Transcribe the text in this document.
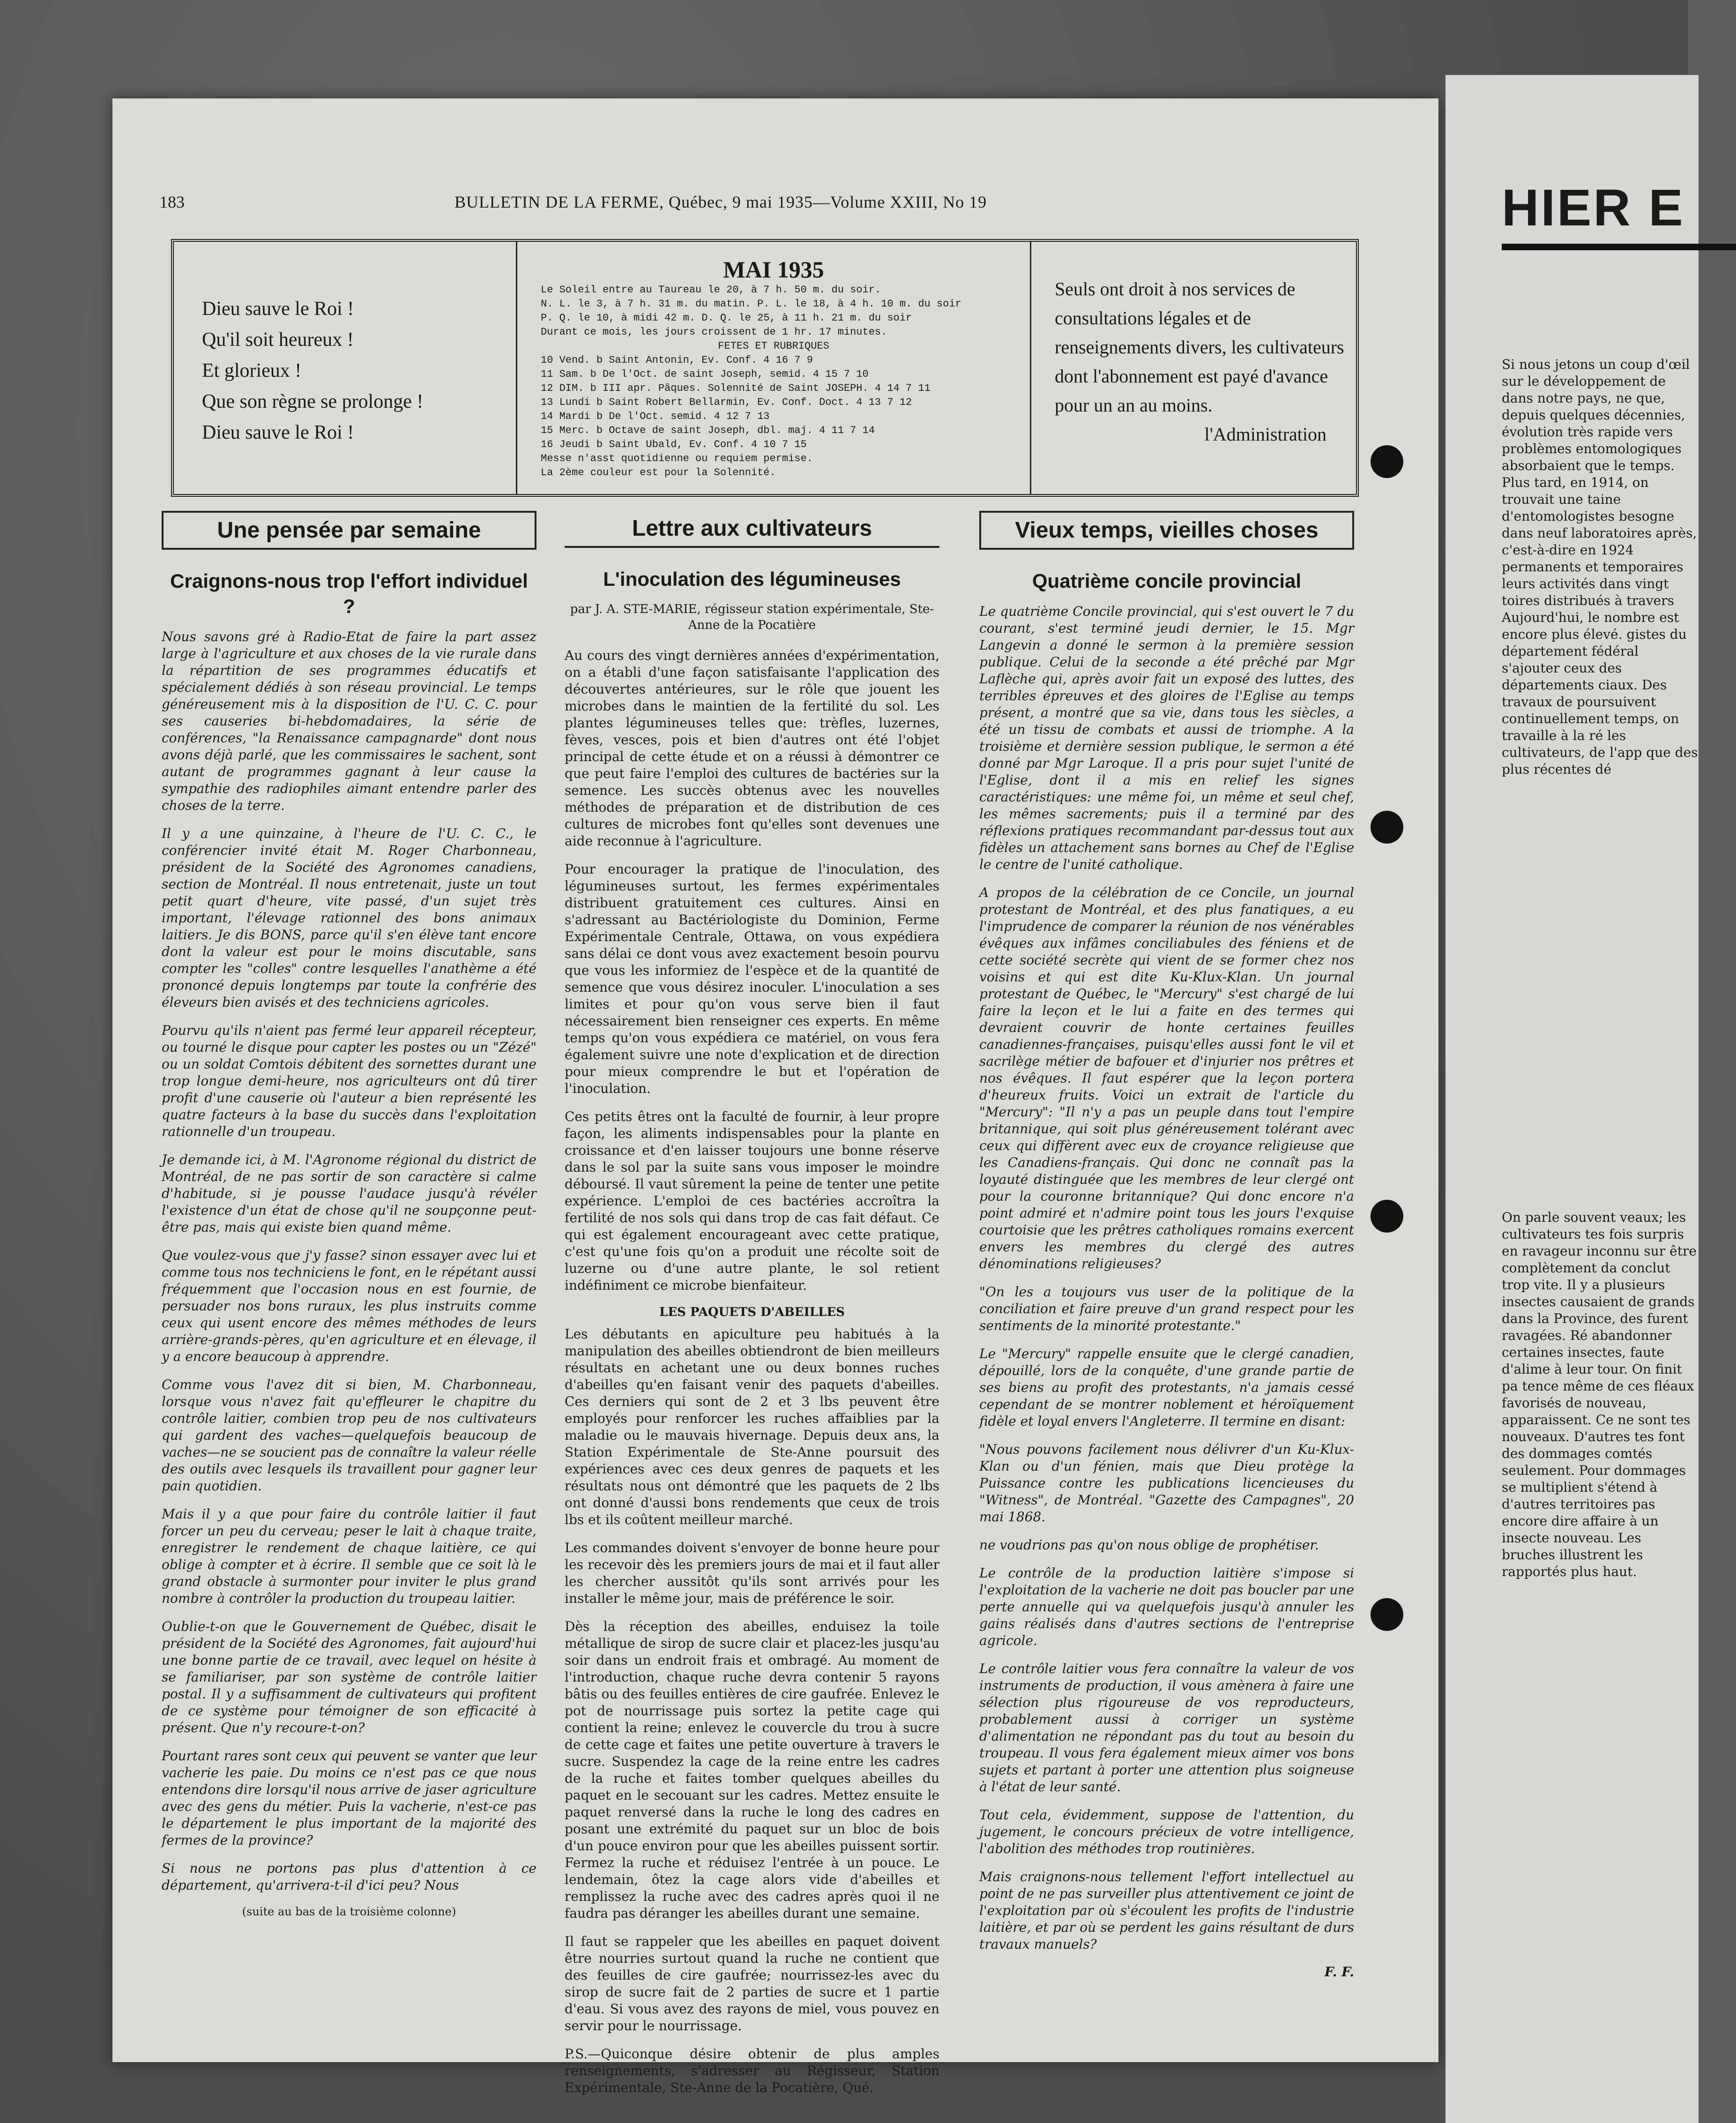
HIER E
Si nous jetons un coup d'œil sur le développement de dans notre pays, ne que, depuis quelques décennies, évolution très rapide vers problèmes entomologiques absorbaient que le temps. Plus tard, en 1914, on trouvait une taine d'entomologistes besogne dans neuf laboratoires après, c'est-à-dire en 1924 permanents et temporaires leurs activités dans vingt toires distribués à travers Aujourd'hui, le nombre est encore plus élevé. gistes du département fédéral s'ajouter ceux des départements ciaux. Des travaux de poursuivent continuellement temps, on travaille à la ré les cultivateurs, de l'app que des plus récentes dé
On parle souvent veaux; les cultivateurs tes fois surpris en ravageur inconnu sur être complètement da conclut trop vite. Il y a plusieurs insectes causaient de grands dans la Province, des furent ravagées. Ré abandonner certaines insectes, faute d'alime à leur tour. On finit pa tence même de ces fléaux favorisés de nouveau, apparaissent. Ce ne sont tes nouveaux. D'autres tes font des dommages comtés seulement. Pour dommages se multiplient s'étend à d'autres territoires pas encore dire affaire à un insecte nouveau. Les bruches illustrent les rapportés plus haut.
183	BULLETIN DE LA FERME, Québec, 9 mai 1935—Volume XXIII, No 19
Dieu sauve le Roi !
Qu'il soit heureux !
Et glorieux !
Que son règne se prolonge !
Dieu sauve le Roi !
MAI 1935
Le Soleil entre au Taureau le 20, à 7 h. 50 m. du soir.
N. L. le 3, à 7 h. 31 m. du matin. P. L. le 18, à 4 h. 10 m. du soir
P. Q. le 10, à midi 42 m. D. Q. le 25, à 11 h. 21 m. du soir
Durant ce mois, les jours croissent de 1 hr. 17 minutes.
FETES ET RUBRIQUES
10 Vend. b Saint Antonin, Ev. Conf. 4 16 7 9
11 Sam. b De l'Oct. de saint Joseph, semid. 4 15 7 10
12 DIM. b III apr. Pâques. Solennité de Saint JOSEPH. 4 14 7 11
13 Lundi b Saint Robert Bellarmin, Ev. Conf. Doct. 4 13 7 12
14 Mardi b De l'Oct. semid. 4 12 7 13
15 Merc. b Octave de saint Joseph, dbl. maj. 4 11 7 14
16 Jeudi b Saint Ubald, Ev. Conf. 4 10 7 15
Messe n'asst quotidienne ou requiem permise.
La 2ème couleur est pour la Solennité.
Seuls ont droit à nos services de consultations légales et de renseignements divers, les cultivateurs dont l'abonnement est payé d'avance pour un an au moins.
l'Administration
Une pensée par semaine
Craignons-nous trop l'effort individuel ?

Nous savons gré à Radio-Etat de faire la part assez large à l'agriculture et aux choses de la vie rurale dans la répartition de ses programmes éducatifs et spécialement dédiés à son réseau provincial. Le temps généreusement mis à la disposition de l'U. C. C. pour ses causeries bi-hebdomadaires, la série de conférences, "la Renaissance campagnarde" dont nous avons déjà parlé, que les commissaires le sachent, sont autant de programmes gagnant à leur cause la sympathie des radiophiles aimant entendre parler des choses de la terre.

Il y a une quinzaine, à l'heure de l'U. C. C., le conférencier invité était M. Roger Charbonneau, président de la Société des Agronomes canadiens, section de Montréal. Il nous entretenait, juste un tout petit quart d'heure, vite passé, d'un sujet très important, l'élevage rationnel des bons animaux laitiers. Je dis BONS, parce qu'il s'en élève tant encore dont la valeur est pour le moins discutable, sans compter les "colles" contre lesquelles l'anathème a été prononcé depuis longtemps par toute la confrérie des éleveurs bien avisés et des techniciens agricoles.

Pourvu qu'ils n'aient pas fermé leur appareil récepteur, ou tourné le disque pour capter les postes ou un "Zézé" ou un soldat Comtois débitent des sornettes durant une trop longue demi-heure, nos agriculteurs ont dû tirer profit d'une causerie où l'auteur a bien représenté les quatre facteurs à la base du succès dans l'exploitation rationnelle d'un troupeau.

Je demande ici, à M. l'Agronome régional du district de Montréal, de ne pas sortir de son caractère si calme d'habitude, si je pousse l'audace jusqu'à révéler l'existence d'un état de chose qu'il ne soupçonne peut-être pas, mais qui existe bien quand même.

Que voulez-vous que j'y fasse? sinon essayer avec lui et comme tous nos techniciens le font, en le répétant aussi fréquemment que l'occasion nous en est fournie, de persuader nos bons ruraux, les plus instruits comme ceux qui usent encore des mêmes méthodes de leurs arrière-grands-pères, qu'en agriculture et en élevage, il y a encore beaucoup à apprendre.

Comme vous l'avez dit si bien, M. Charbonneau, lorsque vous n'avez fait qu'effleurer le chapitre du contrôle laitier, combien trop peu de nos cultivateurs qui gardent des vaches—quelquefois beaucoup de vaches—ne se soucient pas de connaître la valeur réelle des outils avec lesquels ils travaillent pour gagner leur pain quotidien.

Mais il y a que pour faire du contrôle laitier il faut forcer un peu du cerveau; peser le lait à chaque traite, enregistrer le rendement de chaque laitière, ce qui oblige à compter et à écrire. Il semble que ce soit là le grand obstacle à surmonter pour inviter le plus grand nombre à contrôler la production du troupeau laitier.

Oublie-t-on que le Gouvernement de Québec, disait le président de la Société des Agronomes, fait aujourd'hui une bonne partie de ce travail, avec lequel on hésite à se familiariser, par son système de contrôle laitier postal. Il y a suffisamment de cultivateurs qui profitent de ce système pour témoigner de son efficacité à présent. Que n'y recoure-t-on?

Pourtant rares sont ceux qui peuvent se vanter que leur vacherie les paie. Du moins ce n'est pas ce que nous entendons dire lorsqu'il nous arrive de jaser agriculture avec des gens du métier. Puis la vacherie, n'est-ce pas le département le plus important de la majorité des fermes de la province?

Si nous ne portons pas plus d'attention à ce département, qu'arrivera-t-il d'ici peu? Nous

(suite au bas de la troisième colonne)
Lettre aux cultivateurs
L'inoculation des légumineuses
par J. A. STE-MARIE, régisseur station expérimentale, Ste-Anne de la Pocatière

Au cours des vingt dernières années d'expérimentation, on a établi d'une façon satisfaisante l'application des découvertes antérieures, sur le rôle que jouent les microbes dans le maintien de la fertilité du sol. Les plantes légumineuses telles que: trèfles, luzernes, fèves, vesces, pois et bien d'autres ont été l'objet principal de cette étude et on a réussi à démontrer ce que peut faire l'emploi des cultures de bactéries sur la semence. Les succès obtenus avec les nouvelles méthodes de préparation et de distribution de ces cultures de microbes font qu'elles sont devenues une aide reconnue à l'agriculture.

Pour encourager la pratique de l'inoculation, des légumineuses surtout, les fermes expérimentales distribuent gratuitement ces cultures. Ainsi en s'adressant au Bactériologiste du Dominion, Ferme Expérimentale Centrale, Ottawa, on vous expédiera sans délai ce dont vous avez exactement besoin pourvu que vous les informiez de l'espèce et de la quantité de semence que vous désirez inoculer. L'inoculation a ses limites et pour qu'on vous serve bien il faut nécessairement bien renseigner ces experts. En même temps qu'on vous expédiera ce matériel, on vous fera également suivre une note d'explication et de direction pour mieux comprendre le but et l'opération de l'inoculation.

Ces petits êtres ont la faculté de fournir, à leur propre façon, les aliments indispensables pour la plante en croissance et d'en laisser toujours une bonne réserve dans le sol par la suite sans vous imposer le moindre déboursé. Il vaut sûrement la peine de tenter une petite expérience. L'emploi de ces bactéries accroîtra la fertilité de nos sols qui dans trop de cas fait défaut. Ce qui est également encourageant avec cette pratique, c'est qu'une fois qu'on a produit une récolte soit de luzerne ou d'une autre plante, le sol retient indéfiniment ce microbe bienfaiteur.

LES PAQUETS D'ABEILLES

Les débutants en apiculture peu habitués à la manipulation des abeilles obtiendront de bien meilleurs résultats en achetant une ou deux bonnes ruches d'abeilles qu'en faisant venir des paquets d'abeilles. Ces derniers qui sont de 2 et 3 lbs peuvent être employés pour renforcer les ruches affaiblies par la maladie ou le mauvais hivernage. Depuis deux ans, la Station Expérimentale de Ste-Anne poursuit des expériences avec ces deux genres de paquets et les résultats nous ont démontré que les paquets de 2 lbs ont donné d'aussi bons rendements que ceux de trois lbs et ils coûtent meilleur marché.

Les commandes doivent s'envoyer de bonne heure pour les recevoir dès les premiers jours de mai et il faut aller les chercher aussitôt qu'ils sont arrivés pour les installer le même jour, mais de préférence le soir.

Dès la réception des abeilles, enduisez la toile métallique de sirop de sucre clair et placez-les jusqu'au soir dans un endroit frais et ombragé. Au moment de l'introduction, chaque ruche devra contenir 5 rayons bâtis ou des feuilles entières de cire gaufrée. Enlevez le pot de nourrissage puis sortez la petite cage qui contient la reine; enlevez le couvercle du trou à sucre de cette cage et faites une petite ouverture à travers le sucre. Suspendez la cage de la reine entre les cadres de la ruche et faites tomber quelques abeilles du paquet en le secouant sur les cadres. Mettez ensuite le paquet renversé dans la ruche le long des cadres en posant une extrémité du paquet sur un bloc de bois d'un pouce environ pour que les abeilles puissent sortir. Fermez la ruche et réduisez l'entrée à un pouce. Le lendemain, ôtez la cage alors vide d'abeilles et remplissez la ruche avec des cadres après quoi il ne faudra pas déranger les abeilles durant une semaine.

Il faut se rappeler que les abeilles en paquet doivent être nourries surtout quand la ruche ne contient que des feuilles de cire gaufrée; nourrissez-les avec du sirop de sucre fait de 2 parties de sucre et 1 partie d'eau. Si vous avez des rayons de miel, vous pouvez en servir pour le nourrissage.

P.S.—Quiconque désire obtenir de plus amples renseignements, s'adresser au Régisseur, Station Expérimentale, Ste-Anne de la Pocatière, Qué.

Vieux temps, vieilles choses
Quatrième concile provincial

Le quatrième Concile provincial, qui s'est ouvert le 7 du courant, s'est terminé jeudi dernier, le 15. Mgr Langevin a donné le sermon à la première session publique. Celui de la seconde a été prêché par Mgr Laflèche qui, après avoir fait un exposé des luttes, des terribles épreuves et des gloires de l'Eglise au temps présent, a montré que sa vie, dans tous les siècles, a été un tissu de combats et aussi de triomphe. A la troisième et dernière session publique, le sermon a été donné par Mgr Laroque. Il a pris pour sujet l'unité de l'Eglise, dont il a mis en relief les signes caractéristiques: une même foi, un même et seul chef, les mêmes sacrements; puis il a terminé par des réflexions pratiques recommandant par-dessus tout aux fidèles un attachement sans bornes au Chef de l'Eglise le centre de l'unité catholique.

A propos de la célébration de ce Concile, un journal protestant de Montréal, et des plus fanatiques, a eu l'imprudence de comparer la réunion de nos vénérables évêques aux infâmes conciliabules des féniens et de cette société secrète qui vient de se former chez nos voisins et qui est dite Ku-Klux-Klan. Un journal protestant de Québec, le "Mercury" s'est chargé de lui faire la leçon et le lui a faite en des termes qui devraient couvrir de honte certaines feuilles canadiennes-françaises, puisqu'elles aussi font le vil et sacrilège métier de bafouer et d'injurier nos prêtres et nos évêques. Il faut espérer que la leçon portera d'heureux fruits. Voici un extrait de l'article du "Mercury": "Il n'y a pas un peuple dans tout l'empire britannique, qui soit plus généreusement tolérant avec ceux qui diffèrent avec eux de croyance religieuse que les Canadiens-français. Qui donc ne connaît pas la loyauté distinguée que les membres de leur clergé ont pour la couronne britannique? Qui donc encore n'a point admiré et n'admire point tous les jours l'exquise courtoisie que les prêtres catholiques romains exercent envers les membres du clergé des autres dénominations religieuses?

"On les a toujours vus user de la politique de la conciliation et faire preuve d'un grand respect pour les sentiments de la minorité protestante."

Le "Mercury" rappelle ensuite que le clergé canadien, dépouillé, lors de la conquête, d'une grande partie de ses biens au profit des protestants, n'a jamais cessé cependant de se montrer noblement et héroïquement fidèle et loyal envers l'Angleterre. Il termine en disant:

"Nous pouvons facilement nous délivrer d'un Ku-Klux-Klan ou d'un fénien, mais que Dieu protège la Puissance contre les publications licencieuses du "Witness", de Montréal. "Gazette des Campagnes", 20 mai 1868.

ne voudrions pas qu'on nous oblige de prophétiser.

Le contrôle de la production laitière s'impose si l'exploitation de la vacherie ne doit pas boucler par une perte annuelle qui va quelquefois jusqu'à annuler les gains réalisés dans d'autres sections de l'entreprise agricole.

Le contrôle laitier vous fera connaître la valeur de vos instruments de production, il vous amènera à faire une sélection plus rigoureuse de vos reproducteurs, probablement aussi à corriger un système d'alimentation ne répondant pas du tout au besoin du troupeau. Il vous fera également mieux aimer vos bons sujets et partant à porter une attention plus soigneuse à l'état de leur santé.

Tout cela, évidemment, suppose de l'attention, du jugement, le concours précieux de votre intelligence, l'abolition des méthodes trop routinières.

Mais craignons-nous tellement l'effort intellectuel au point de ne pas surveiller plus attentivement ce joint de l'exploitation par où s'écoulent les profits de l'industrie laitière, et par où se perdent les gains résultant de durs travaux manuels?

F. F.
